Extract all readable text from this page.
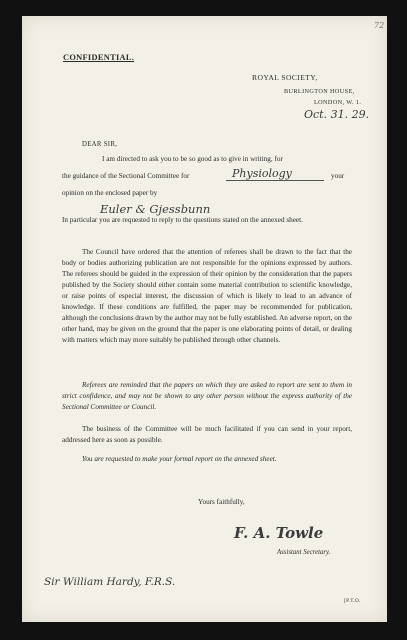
72
CONFIDENTIAL.
ROYAL SOCIETY,
BURLINGTON HOUSE,
LONDON, W. 1.
Oct. 31. 29.
DEAR SIR,
I am directed to ask you to be so good as to give in writing, for
the guidance of the Sectional Committee for	Physiology	your
opinion on the enclosed paper by
Euler & Gjessbunn
In particular you are requested to reply to the questions stated on the annexed sheet.
The Council have ordered that the attention of referees shall be drawn to the fact that the body or bodies authorizing publication are not responsible for the opinions expressed by authors. The referees should be guided in the expression of their opinion by the consideration that the papers published by the Society should either contain some material contribution to scientific knowledge, or raise points of especial interest, the discussion of which is likely to lead to an advance of knowledge. If these conditions are fulfilled, the paper may be recommended for publication, although the conclusions drawn by the author may not be fully established. An adverse report, on the other hand, may be given on the ground that the paper is one elaborating points of detail, or dealing with matters which may more suitably be published through other channels.
Referees are reminded that the papers on which they are asked to report are sent to them in strict confidence, and may not be shown to any other person without the express authority of the Sectional Committee or Council.
The business of the Committee will be much facilitated if you can send in your report, addressed here as soon as possible.
You are requested to make your formal report on the annexed sheet.
Yours faithfully,
F. A. Towle
Assistant Secretary.
Sir William Hardy, F.R.S.
[P.T.O.
